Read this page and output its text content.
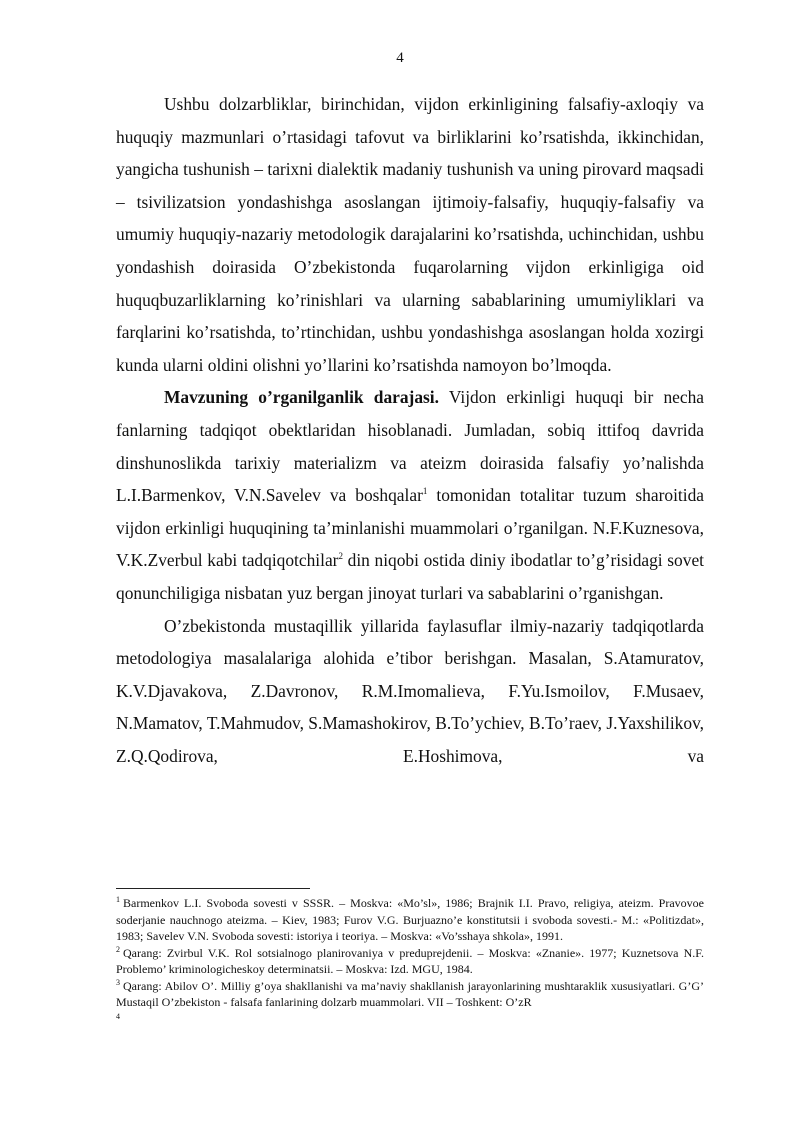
4

Ushbu dolzarbliklar, birinchidan, vijdon erkinligining falsafiy-axloqiy va huquqiy mazmunlari o’rtasidagi tafovut va birliklarini ko’rsatishda, ikkinchidan, yangicha tushunish – tarixni dialektik madaniy tushunish va uning pirovard maqsadi – tsivilizatsion yondashishga asoslangan ijtimoiy-falsafiy, huquqiy-falsafiy va umumiy huquqiy-nazariy metodologik darajalarini ko’rsatishda, uchinchidan, ushbu yondashish doirasida O’zbekistonda fuqarolarning vijdon erkinligiga oid huquqbuzarliklarning ko’rinishlari va ularning sabablarining umumiyliklari va farqlarini ko’rsatishda, to’rtinchidan, ushbu yondashishga asoslangan holda xozirgi kunda ularni oldini olishni yo’llarini ko’rsatishda namoyon bo’lmoqda.

Mavzuning o’rganilganlik darajasi. Vijdon erkinligi huquqi bir necha fanlarning tadqiqot obektlaridan hisoblanadi. Jumladan, sobiq ittifoq davrida dinshunoslikda tarixiy materializm va ateizm doirasida falsafiy yo’nalishda L.I.Barmenkov, V.N.Savelev va boshqalar$^1$ tomonidan totalitar tuzum sharoitida vijdon erkinligi huquqining ta’minlanishi muammolari o’rganilgan. N.F.Kuznesova, V.K.Zverbul kabi tadqiqotchilar$^2$ din niqobi ostida diniy ibodatlar to’g’risidagi sovet qonunchiligiga nisbatan yuz bergan jinoyat turlari va sabablarini o’rganishgan.

O’zbekistonda mustaqillik yillarida faylasuflar ilmiy-nazariy tadqiqotlarda metodologiya masalalariga alohida e’tibor berishgan. Masalan, S.Atamuratov, K.V.Djavakova, Z.Davronov, R.M.Imomalieva, F.Yu.Ismoilov, F.Musaev, N.Mamatov, T.Mahmudov, S.Mamashokirov, B.To’ychiev, B.To’raev, J.Yaxshilikov, Z.Q.Qodirova, E.Hoshimova, va

$^1$ Barmenkov L.I. Svoboda sovesti v SSSR. – Moskva: «Mo’sl», 1986; Brajnik I.I. Pravo, religiya, ateizm. Pravovoe soderjanie nauchnogo ateizma. – Kiev, 1983; Furov V.G. Burjuazno’e konstitutsii i svoboda sovesti.- M.: «Politizdat», 1983; Savelev V.N. Svoboda sovesti: istoriya i teoriya. – Moskva: «Vo’sshaya shkola», 1991.

$^2$ Qarang: Zvirbul V.K. Rol sotsialnogo planirovaniya v preduprejdenii. – Moskva: «Znanie». 1977; Kuznetsova N.F. Problemo’ kriminologicheskoy determinatsii. – Moskva: Izd. MGU, 1984.

$^3$ Qarang: Abilov O’. Milliy g’oya shakllanishi va ma’naviy shakllanish jarayonlarining mushtaraklik xususiyatlari. G’G’ Mustaqil O’zbekiston - falsafa fanlarining dolzarb muammolari. VII – Toshkent: O’zR

4
